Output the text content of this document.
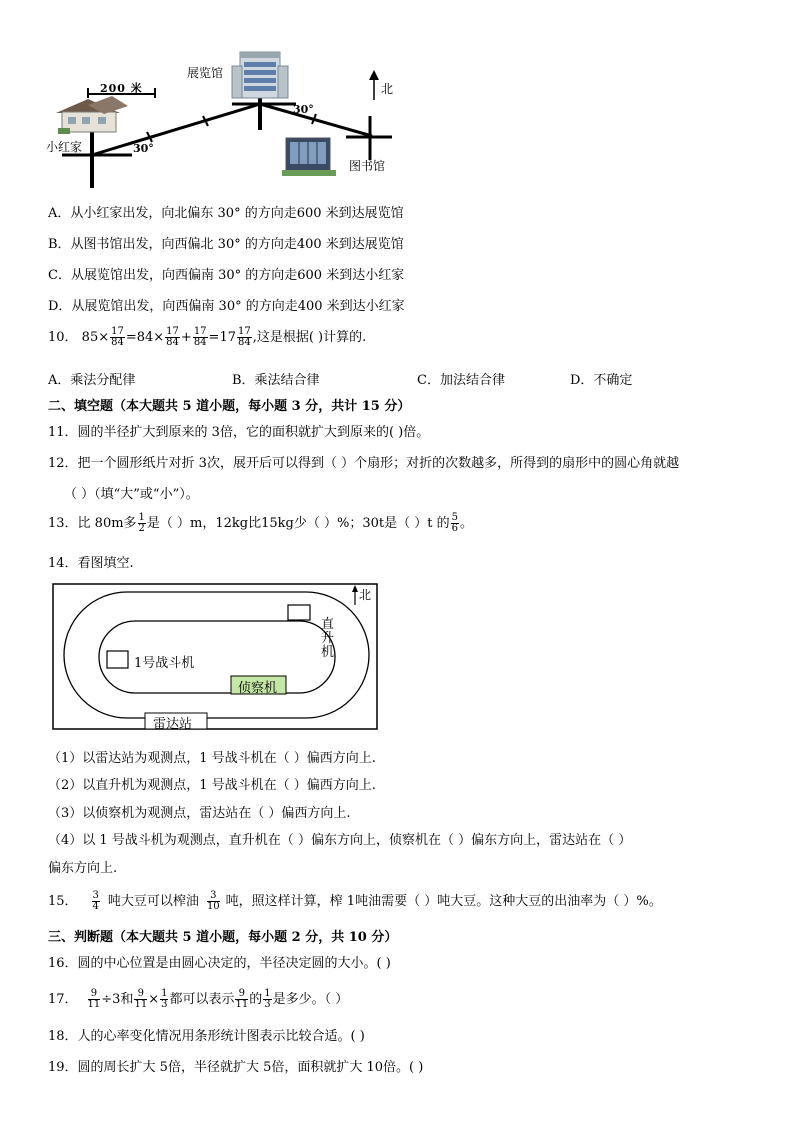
200 米
展览馆
小红家
图书馆
北
30°
30°
A．从小红家出发，向北偏东 30° 的方向走600 米到达展览馆
B．从图书馆出发，向西偏北 30° 的方向走400 米到达展览馆
C．从展览馆出发，向西偏南 30° 的方向走600 米到达小红家
D．从展览馆出发，向西偏南 30° 的方向走400 米到达小红家
10． $85\times \frac{17}{84} =84\times \frac{17}{84} + \frac{17}{84} =17 \frac{17}{84}$ ,这是根据( )计算的.
A．乘法分配律	B．乘法结合律	C．加法结合律	D．不确定
二、填空题（本大题共 5 道小题，每小题 3 分，共计 15 分）
11．圆的半径扩大到原来的 3倍，它的面积就扩大到原来的( )倍。
12．把一个圆形纸片对折 3次，展开后可以得到（ ）个扇形；对折的次数越多，所得到的扇形中的圆心角就越
（ ）（填“大”或“小”）。
13．比 80m多 $\frac{1}{2}$ 是（ ）m，12kg比15kg少（ ）%；30t是（ ）t 的 $\frac{5}{6}$ 。
14．看图填空.
北
直升机
1号战斗机
侦察机
雷达站
（1）以雷达站为观测点，1 号战斗机在（ ）偏西方向上.
（2）以直升机为观测点，1 号战斗机在（ ）偏西方向上.
（3）以侦察机为观测点，雷达站在（ ）偏西方向上.
（4）以 1 号战斗机为观测点，直升机在（ ）偏东方向上，侦察机在（ ）偏东方向上，雷达站在（ ）
偏东方向上.
15． $\frac{3}{4}$ 吨大豆可以榨油 $\frac{3}{10}$ 吨，照这样计算，榨 1吨油需要（ ）吨大豆。这种大豆的出油率为（ ）%。
三、判断题（本大题共 5 道小题，每小题 2 分，共 10 分）
16．圆的中心位置是由圆心决定的，半径决定圆的大小。( )
17． $\frac{9}{11} \div 3$和 $\frac{9}{11} \times \frac{1}{3}$ 都可以表示 $\frac{9}{11}$ 的 $\frac{1}{3}$ 是多少。（ ）
18．人的心率变化情况用条形统计图表示比较合适。( )
19．圆的周长扩大 5倍，半径就扩大 5倍，面积就扩大 10倍。( )
